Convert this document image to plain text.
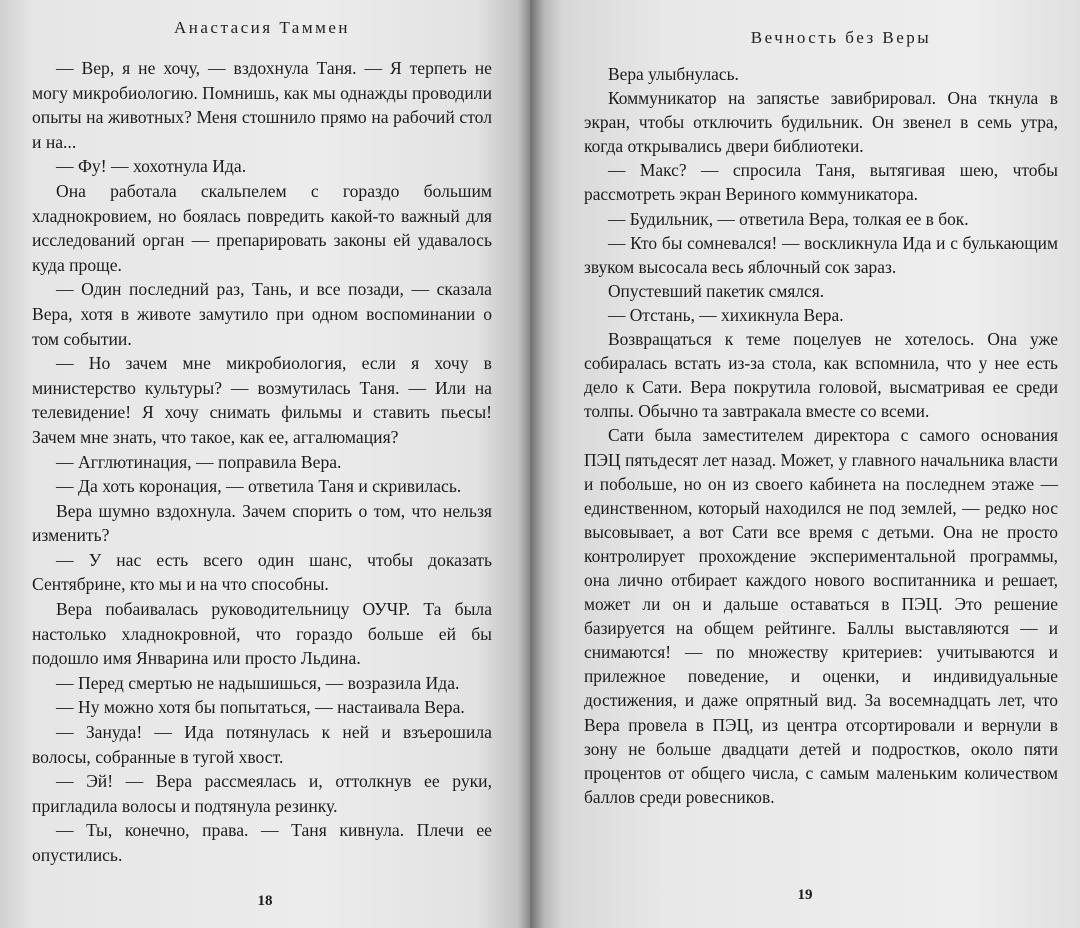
Анастасия Таммен

— Вер, я не хочу, — вздохнула Таня. — Я терпеть не могу микробиологию. Помнишь, как мы однажды проводили опыты на животных? Меня стошнило прямо на рабочий стол и на...

— Фу! — хохотнула Ида.

Она работала скальпелем с гораздо большим хладнокровием, но боялась повредить какой-то важный для исследований орган — препарировать законы ей удавалось куда проще.

— Один последний раз, Тань, и все позади, — сказала Вера, хотя в животе замутило при одном воспоминании о том событии.

— Но зачем мне микробиология, если я хочу в министерство культуры? — возмутилась Таня. — Или на телевидение! Я хочу снимать фильмы и ставить пьесы! Зачем мне знать, что такое, как ее, аггалюмация?

— Агглютинация, — поправила Вера.

— Да хоть коронация, — ответила Таня и скривилась.

Вера шумно вздохнула. Зачем спорить о том, что нельзя изменить?

— У нас есть всего один шанс, чтобы доказать Сентябрине, кто мы и на что способны.

Вера побаивалась руководительницу ОУЧР. Та была настолько хладнокровной, что гораздо больше ей бы подошло имя Январина или просто Льдина.

— Перед смертью не надышишься, — возразила Ида.

— Ну можно хотя бы попытаться, — настаивала Вера.

— Зануда! — Ида потянулась к ней и взъерошила волосы, собранные в тугой хвост.

— Эй! — Вера рассмеялась и, оттолкнув ее руки, пригладила волосы и подтянула резинку.

— Ты, конечно, права. — Таня кивнула. Плечи ее опустились.

18
Вечность без Веры

Вера улыбнулась.

Коммуникатор на запястье завибрировал. Она ткнула в экран, чтобы отключить будильник. Он звенел в семь утра, когда открывались двери библиотеки.

— Макс? — спросила Таня, вытягивая шею, чтобы рассмотреть экран Вериного коммуникатора.

— Будильник, — ответила Вера, толкая ее в бок.

— Кто бы сомневался! — воскликнула Ида и с булькающим звуком высосала весь яблочный сок зараз.

Опустевший пакетик смялся.

— Отстань, — хихикнула Вера.

Возвращаться к теме поцелуев не хотелось. Она уже собиралась встать из-за стола, как вспомнила, что у нее есть дело к Сати. Вера покрутила головой, высматривая ее среди толпы. Обычно та завтракала вместе со всеми.

Сати была заместителем директора с самого основания ПЭЦ пятьдесят лет назад. Может, у главного начальника власти и побольше, но он из своего кабинета на последнем этаже — единственном, который находился не под землей, — редко нос высовывает, а вот Сати все время с детьми. Она не просто контролирует прохождение экспериментальной программы, она лично отбирает каждого нового воспитанника и решает, может ли он и дальше оставаться в ПЭЦ. Это решение базируется на общем рейтинге. Баллы выставляются — и снимаются! — по множеству критериев: учитываются и прилежное поведение, и оценки, и индивидуальные достижения, и даже опрятный вид. За восемнадцать лет, что Вера провела в ПЭЦ, из центра отсортировали и вернули в зону не больше двадцати детей и подростков, около пяти процентов от общего числа, с самым маленьким количеством баллов среди ровесников.

19
